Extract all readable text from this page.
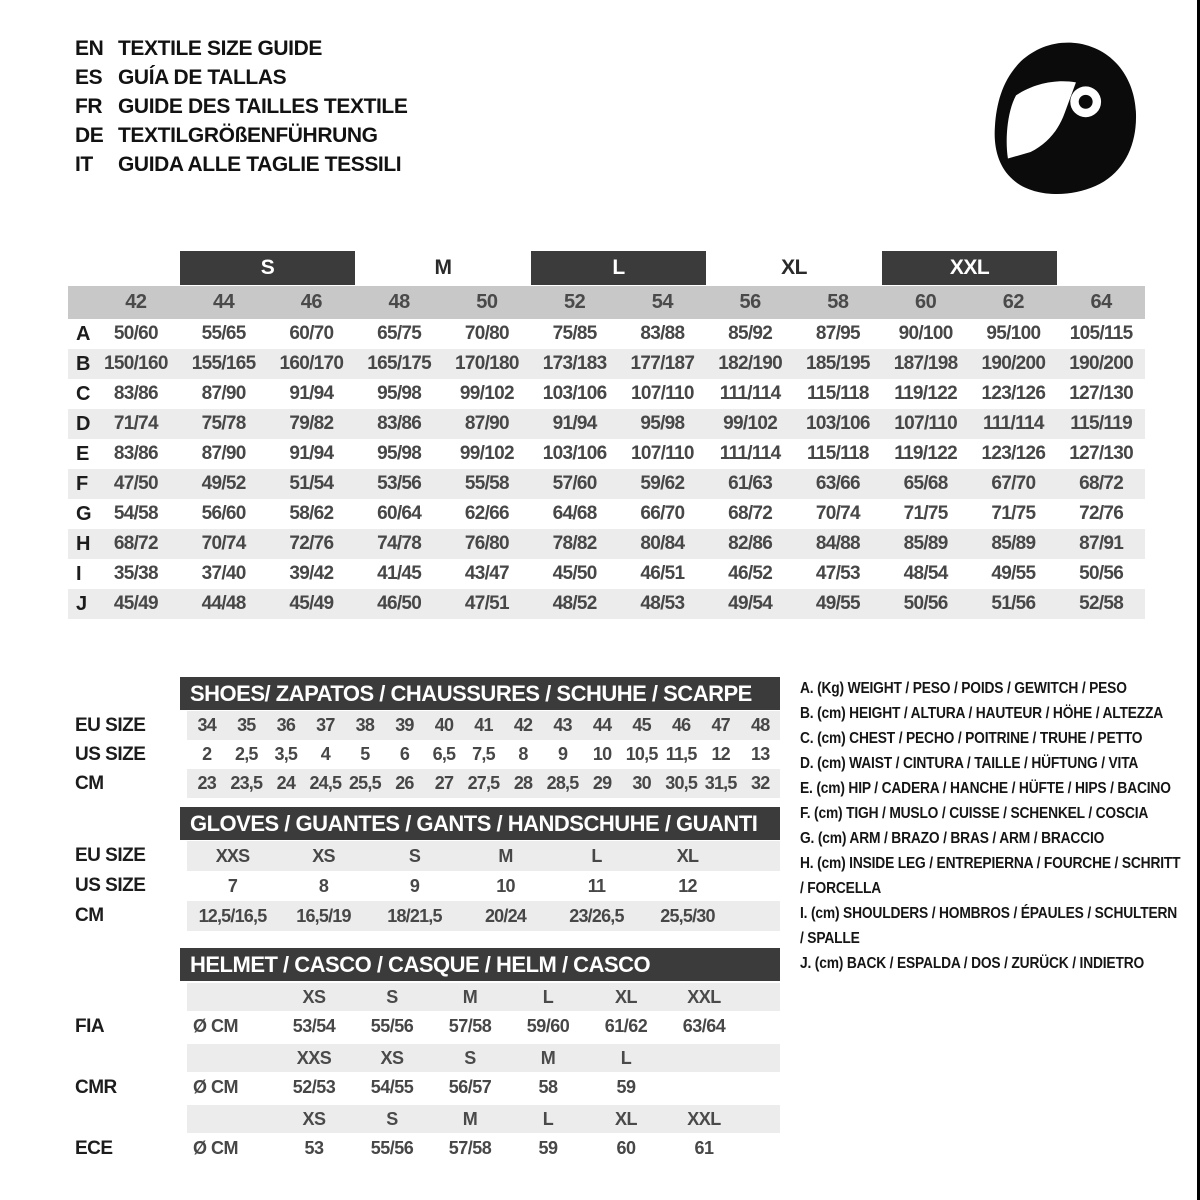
EN TEXTILE SIZE GUIDE
ES GUÍA DE TALLAS
FR GUIDE DES TAILLES TEXTILE
DE TEXTILGRÖßENFÜHRUNG
IT	GUIDA ALLE TAGLIE TESSILI
S	M	L	XL	XXL
42	44	46	48	50	52	54	56	58	60	62	64
A	50/60	55/65	60/70	65/75	70/80	75/85	83/88	85/92	87/95	90/100	95/100	105/115
B 150/160	155/165	160/170	165/175	170/180	173/183	177/187	182/190	185/195	187/198	190/200	190/200
C	83/86	87/90	91/94	95/98	99/102	103/106	107/110	111/114	115/118	119/122	123/126	127/130
D	71/74	75/78	79/82	83/86	87/90	91/94	95/98	99/102	103/106	107/110	111/114	115/119
E	83/86	87/90	91/94	95/98	99/102	103/106	107/110	111/114	115/118	119/122	123/126	127/130
F	47/50	49/52	51/54	53/56	55/58	57/60	59/62	61/63	63/66	65/68	67/70	68/72
G	54/58	56/60	58/62	60/64	62/66	64/68	66/70	68/72	70/74	71/75	71/75	72/76
H	68/72	70/74	72/76	74/78	76/80	78/82	80/84	82/86	84/88	85/89	85/89	87/91
I	35/38	37/40	39/42	41/45	43/47	45/50	46/51	46/52	47/53	48/54	49/55	50/56
J	45/49	44/48	45/49	46/50	47/51	48/52	48/53	49/54	49/55	50/56	51/56	52/58
SHOES/ ZAPATOS / CHAUSSURES / SCHUHE / SCARPE
EU SIZE	34	35	36	37	38	39	40	41	42	43	44	45	46	47	48
US SIZE	2	2,5 3,5	4	5	6	6,5 7,5	8	9	10 10,5 11,5 12	13
CM	23 23,5 24 24,5 25,5 26	27 27,5 28 28,5 29	30 30,5 31,5 32
GLOVES / GUANTES / GANTS / HANDSCHUHE / GUANTI
EU SIZE	XXS	XS	S	M	L	XL
US SIZE	7	8	9	10	11	12
CM	12,5/16,5	16,5/19	18/21,5	20/24	23/26,5	25,5/30
HELMET / CASCO / CASQUE / HELM / CASCO
XS	S	M	L	XL	XXL
FIA	Ø CM	53/54	55/56	57/58	59/60	61/62	63/64
XXS	XS	S	M	L
CMR	Ø CM	52/53	54/55	56/57	58	59
XS	S	M	L	XL	XXL
ECE	Ø CM	53	55/56	57/58	59	60	61
A. (Kg) WEIGHT / PESO / POIDS / GEWITCH / PESO
B. (cm) HEIGHT / ALTURA / HAUTEUR / HÖHE / ALTEZZA
C. (cm) CHEST / PECHO / POITRINE / TRUHE / PETTO
D. (cm) WAIST / CINTURA / TAILLE / HÜFTUNG / VITA
E. (cm) HIP / CADERA / HANCHE / HÜFTE / HIPS / BACINO
F. (cm) TIGH / MUSLO / CUISSE / SCHENKEL / COSCIA
G. (cm) ARM / BRAZO / BRAS / ARM / BRACCIO
H. (cm) INSIDE LEG / ENTREPIERNA / FOURCHE / SCHRITT / FORCELLA
I. (cm) SHOULDERS / HOMBROS / ÉPAULES / SCHULTERN / SPALLE
J. (cm) BACK / ESPALDA / DOS / ZURÜCK / INDIETRO
